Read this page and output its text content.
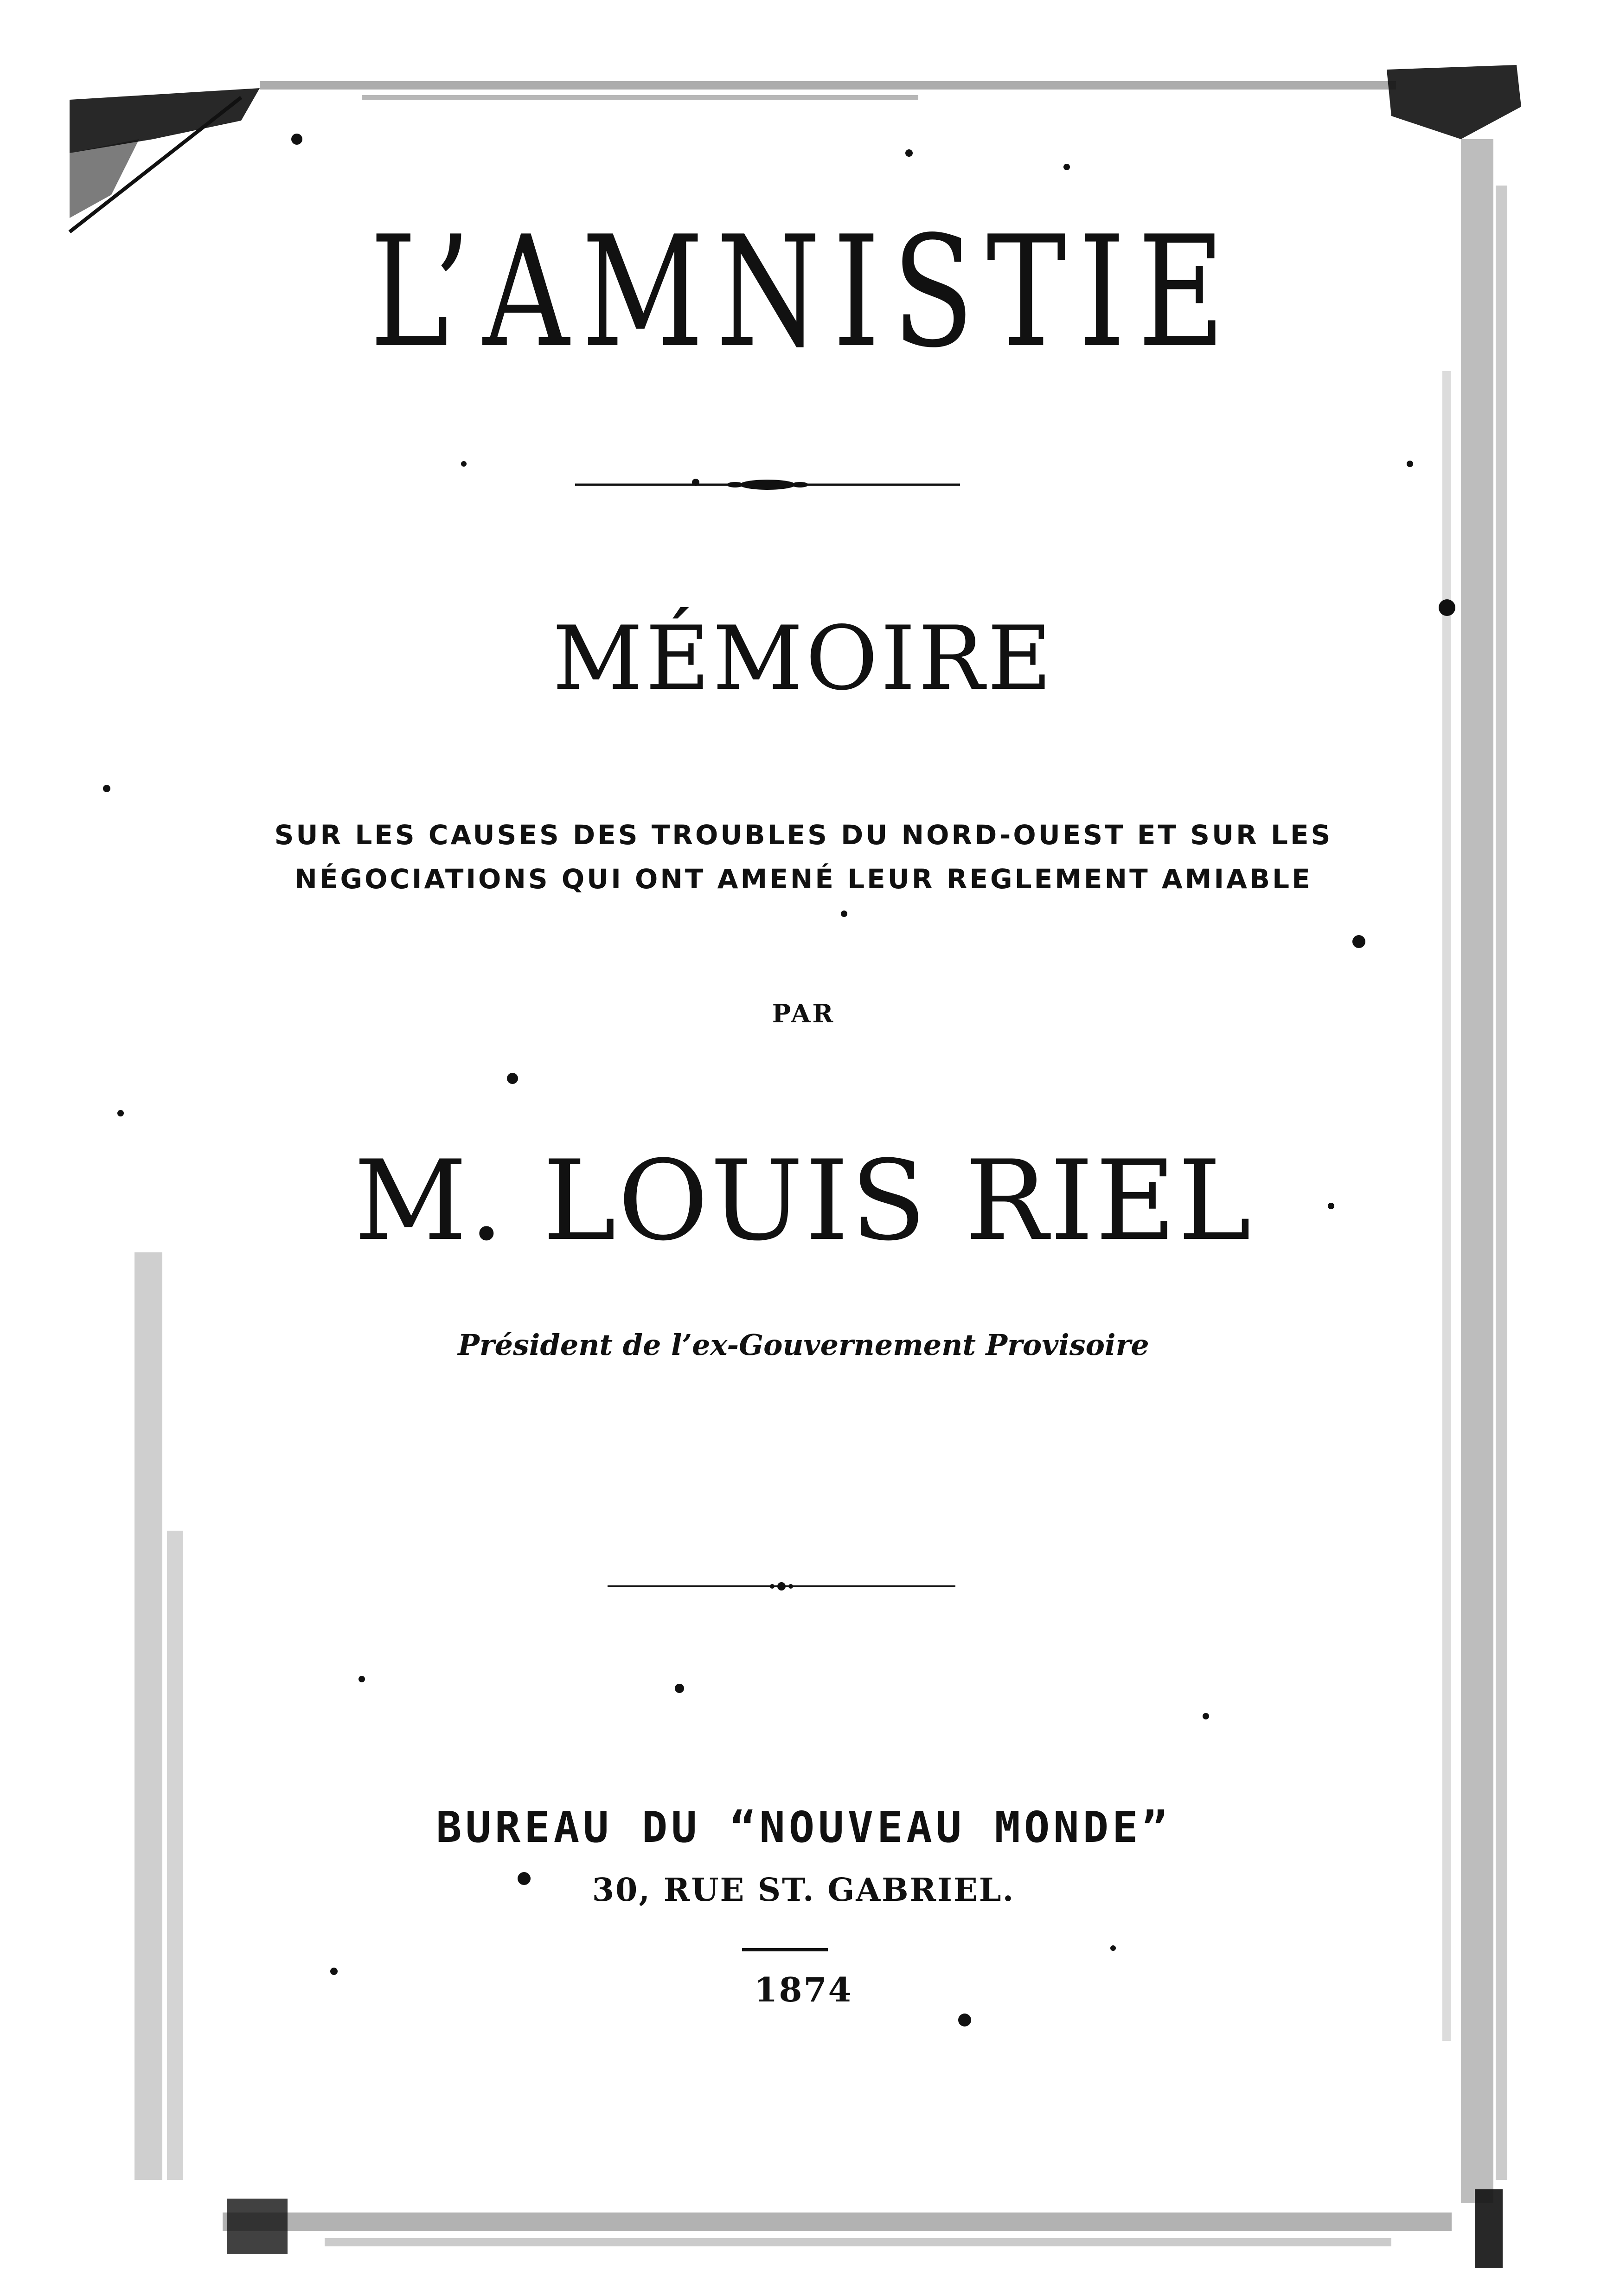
L’AMNISTIE
MÉMOIRE
SUR LES CAUSES DES TROUBLES DU NORD-OUEST ET SUR LES
NÉGOCIATIONS QUI ONT AMENÉ LEUR REGLEMENT AMIABLE
PAR
M. LOUIS RIEL
Président de l’ex-Gouvernement Provisoire
BUREAU DU “NOUVEAU MONDE”
30, RUE ST. GABRIEL.
1874
